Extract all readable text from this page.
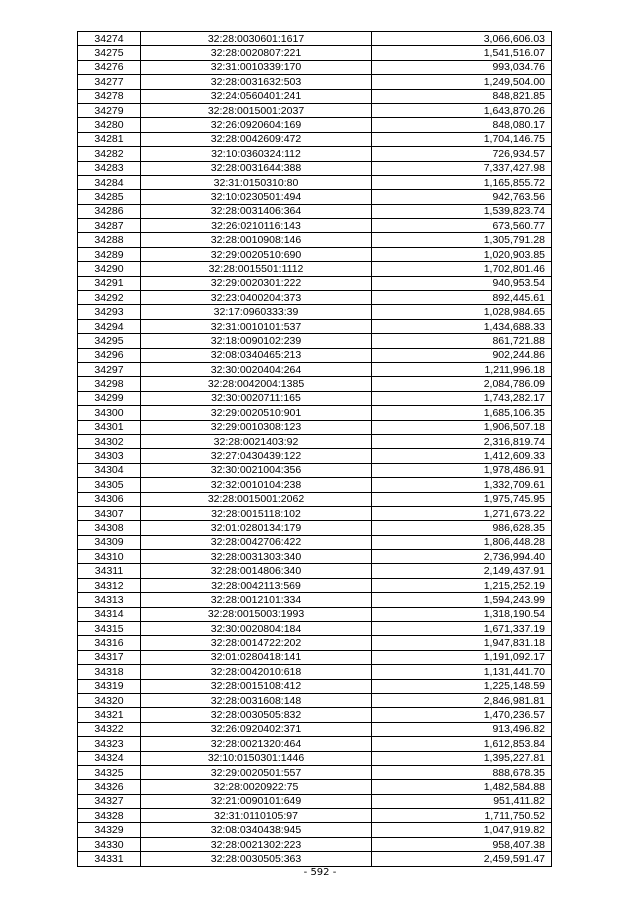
34274	32:28:0030601:1617	3,066,606.03
34275	32:28:0020807:221	1,541,516.07
34276	32:31:0010339:170	993,034.76
34277	32:28:0031632:503	1,249,504.00
34278	32:24:0560401:241	848,821.85
34279	32:28:0015001:2037	1,643,870.26
34280	32:26:0920604:169	848,080.17
34281	32:28:0042609:472	1,704,146.75
34282	32:10:0360324:112	726,934.57
34283	32:28:0031644:388	7,337,427.98
34284	32:31:0150310:80	1,165,855.72
34285	32:10:0230501:494	942,763.56
34286	32:28:0031406:364	1,539,823.74
34287	32:26:0210116:143	673,560.77
34288	32:28:0010908:146	1,305,791.28
34289	32:29:0020510:690	1,020,903.85
34290	32:28:0015501:1112	1,702,801.46
34291	32:29:0020301:222	940,953.54
34292	32:23:0400204:373	892,445.61
34293	32:17:0960333:39	1,028,984.65
34294	32:31:0010101:537	1,434,688.33
34295	32:18:0090102:239	861,721.88
34296	32:08:0340465:213	902,244.86
34297	32:30:0020404:264	1,211,996.18
34298	32:28:0042004:1385	2,084,786.09
34299	32:30:0020711:165	1,743,282.17
34300	32:29:0020510:901	1,685,106.35
34301	32:29:0010308:123	1,906,507.18
34302	32:28:0021403:92	2,316,819.74
34303	32:27:0430439:122	1,412,609.33
34304	32:30:0021004:356	1,978,486.91
34305	32:32:0010104:238	1,332,709.61
34306	32:28:0015001:2062	1,975,745.95
34307	32:28:0015118:102	1,271,673.22
34308	32:01:0280134:179	986,628.35
34309	32:28:0042706:422	1,806,448.28
34310	32:28:0031303:340	2,736,994.40
34311	32:28:0014806:340	2,149,437.91
34312	32:28:0042113:569	1,215,252.19
34313	32:28:0012101:334	1,594,243.99
34314	32:28:0015003:1993	1,318,190.54
34315	32:30:0020804:184	1,671,337.19
34316	32:28:0014722:202	1,947,831.18
34317	32:01:0280418:141	1,191,092.17
34318	32:28:0042010:618	1,131,441.70
34319	32:28:0015108:412	1,225,148.59
34320	32:28:0031608:148	2,846,981.81
34321	32:28:0030505:832	1,470,236.57
34322	32:26:0920402:371	913,496.82
34323	32:28:0021320:464	1,612,853.84
34324	32:10:0150301:1446	1,395,227.81
34325	32:29:0020501:557	888,678.35
34326	32:28:0020922:75	1,482,584.88
34327	32:21:0090101:649	951,411.82
34328	32:31:0110105:97	1,711,750.52
34329	32:08:0340438:945	1,047,919.82
34330	32:28:0021302:223	958,407.38
34331	32:28:0030505:363	2,459,591.47
- 592 -
